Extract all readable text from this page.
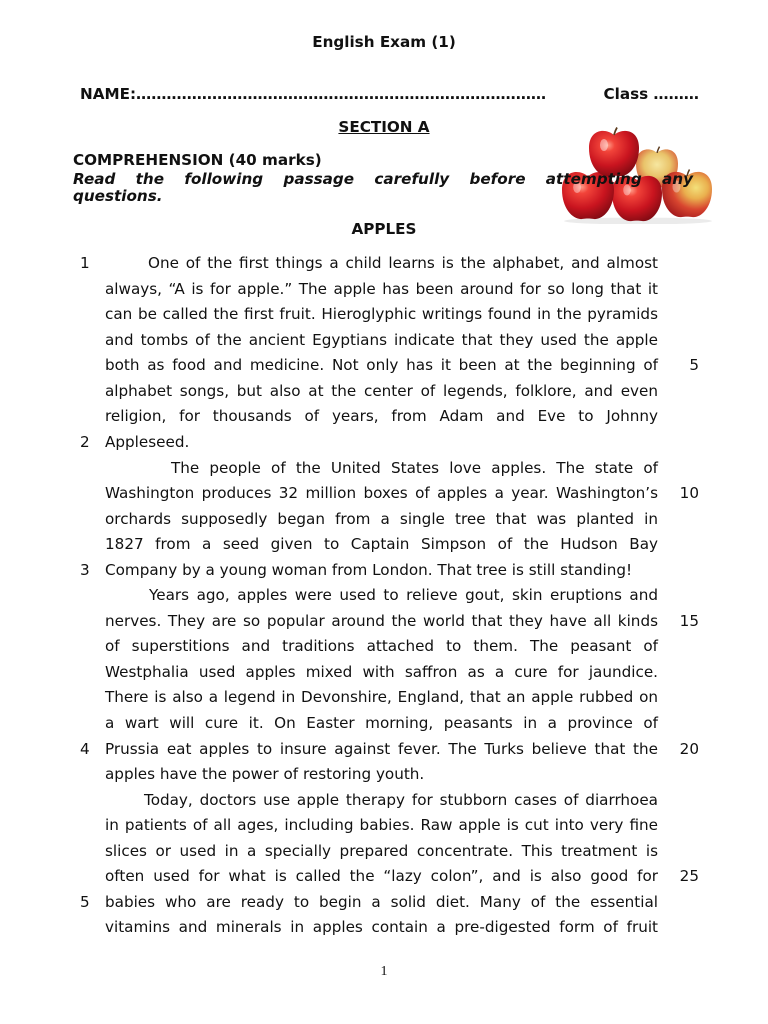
English Exam (1)
NAME:………………………………………………………………………	Class ………
SECTION A
COMPREHENSION (40 marks)
Read the following passage carefully before attempting any
questions.
APPLES
1	One of the first things a child learns is the alphabet, and almost
always, “A is for apple.” The apple has been around for so long that it
can be called the first fruit. Hieroglyphic writings found in the pyramids
and tombs of the ancient Egyptians indicate that they used the apple
both as food and medicine. Not only has it been at the beginning of 5
alphabet songs, but also at the center of legends, folklore, and even
religion, for thousands of years, from Adam and Eve to Johnny
2 Appleseed.
The people of the United States love apples. The state of
Washington produces 32 million boxes of apples a year. Washington’s 10
orchards supposedly began from a single tree that was planted in
1827 from a seed given to Captain Simpson of the Hudson Bay
3 Company by a young woman from London. That tree is still standing!
Years ago, apples were used to relieve gout, skin eruptions and
nerves. They are so popular around the world that they have all kinds 15
of superstitions and traditions attached to them. The peasant of
Westphalia used apples mixed with saffron as a cure for jaundice.
There is also a legend in Devonshire, England, that an apple rubbed on
a wart will cure it. On Easter morning, peasants in a province of
4 Prussia eat apples to insure against fever. The Turks believe that the 20
apples have the power of restoring youth.
Today, doctors use apple therapy for stubborn cases of diarrhoea
in patients of all ages, including babies. Raw apple is cut into very fine
slices or used in a specially prepared concentrate. This treatment is
often used for what is called the “lazy colon”, and is also good for 25
5 babies who are ready to begin a solid diet. Many of the essential
vitamins and minerals in apples contain a pre-digested form of fruit
1
